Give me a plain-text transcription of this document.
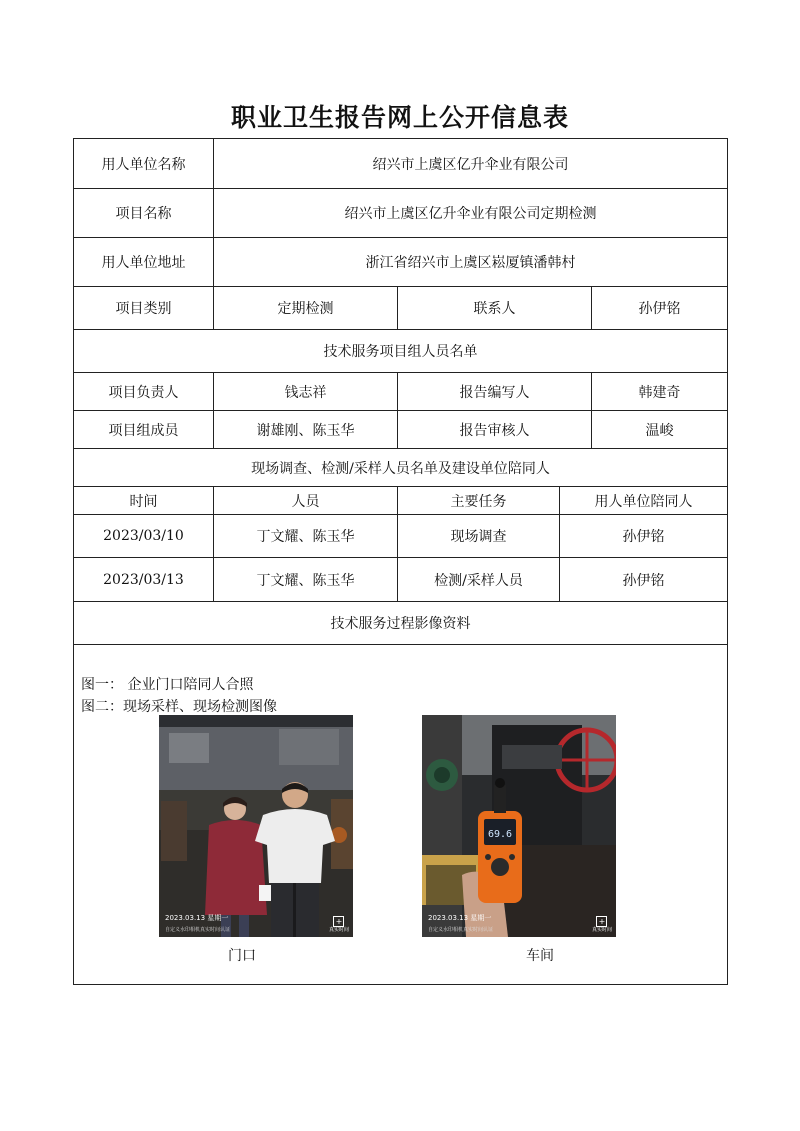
职业卫生报告网上公开信息表
用人单位名称	绍兴市上虞区亿升伞业有限公司
项目名称	绍兴市上虞区亿升伞业有限公司定期检测
用人单位地址	浙江省绍兴市上虞区崧厦镇潘韩村
项目类别	定期检测	联系人	孙伊铭
技术服务项目组人员名单
项目负责人	钱志祥	报告编写人	韩建奇
项目组成员	谢雄刚、陈玉华	报告审核人	温峻
现场调查、检测/采样人员名单及建设单位陪同人
时间	人员	主要任务	用人单位陪同人
2023/03/10	丁文耀、陈玉华	现场调查	孙伊铭
2023/03/13	丁文耀、陈玉华	检测/采样人员	孙伊铭
技术服务过程影像资料
图一： 企业门口陪同人合照
图二：现场采样、现场检测图像
2023.03.13 星期一
自定义水印相机真实时间认证
+
真实时间
门口
69.6
2023.03.13 星期一
自定义水印相机真实时间认证
+
真实时间
车间
